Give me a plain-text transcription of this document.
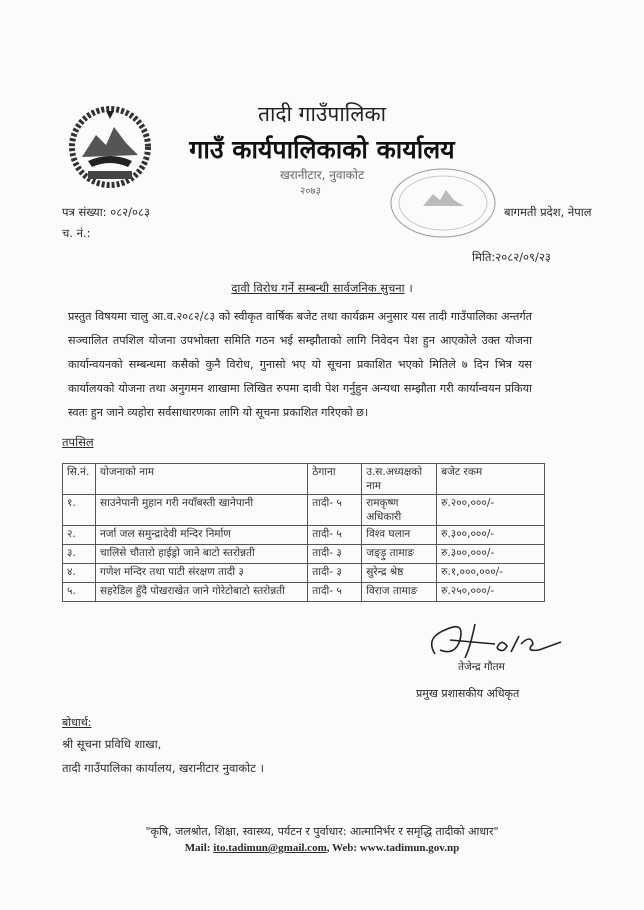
तादी गाउँपालिका
गाउँ कार्यपालिकाको कार्यालय
खरानीटार, नुवाकोट
२०७३
पत्र संख्या: ०८२/०८३
च. नं.:
बागमती प्रदेश, नेपाल
मिति:२०८२/०९/२३
दावी विरोध गर्ने सम्बन्धी सार्वजनिक सुचना ।
प्रस्तुत विषयमा चालु आ.व.२०८२/८३ को स्वीकृत वार्षिक बजेट तथा कार्यक्रम अनुसार यस तादी गाउँपालिका अन्तर्गत सञ्चालित तपशिल योजना उपभोक्ता समिति गठन भई सम्झौताको लागि निवेदन पेश हुन आएकोले उक्त योजना कार्यान्वयनको सम्बन्धमा कसैको कुनै विरोध, गुनासो भए यो सूचना प्रकाशित भएको मितिले ७ दिन भित्र यस कार्यालयको योजना तथा अनुगमन शाखामा लिखित रुपमा दावी पेश गर्नुहुन अन्यथा सम्झौता गरी कार्यान्वयन प्रकिया स्वतः हुन जाने व्यहोरा सर्वसाधारणका लागि यो सूचना प्रकाशित गरिएको छ।
तपसिल
सि.नं.	योजनाको नाम	ठेगाना	उ.स.अध्यक्षको नाम	बजेट रकम
१.	साउनेपानी मुहान गरी नयाँबस्ती खानेपानी	तादी- ५	रामकृष्ण अधिकारी	रु.२००,०००/-
२.	नर्जा जल समुन्द्रादेवी मन्दिर निर्माण	तादी- ५	विश्व घलान	रु.३००,०००/-
३.	चालिसे चौतारो हाईड्रो जाने बाटो स्तरोन्नती	तादी- ३	जङ्ड़ु तामाङ	रु.३००,०००/-
४.	गणेश मन्दिर तथा पाटी संरक्षण तादी ३	तादी- ३	सुरेन्द्र श्रेष्ठ	रु.१,०००,०००/-
५.	सहरेडिल हुँदै पोखराखेत जाने गोरेटोबाटो स्तरोन्नती	तादी- ५	विराज तामाङ	रु.२५०,०००/-
तेजेन्द्र गौतम
प्रमुख प्रशासकीय अधिकृत
बोधार्थ:
श्री सूचना प्रविधि शाखा,
तादी गाउँपालिका कार्यालय, खरानीटार नुवाकोट ।
"कृषि, जलश्रोत, शिक्षा, स्वास्थ्य, पर्यटन र पुर्वाधार: आत्मानिर्भर र समृद्धि तादीको आधार"
Mail: ito.tadimun@gmail.com, Web: www.tadimun.gov.np
